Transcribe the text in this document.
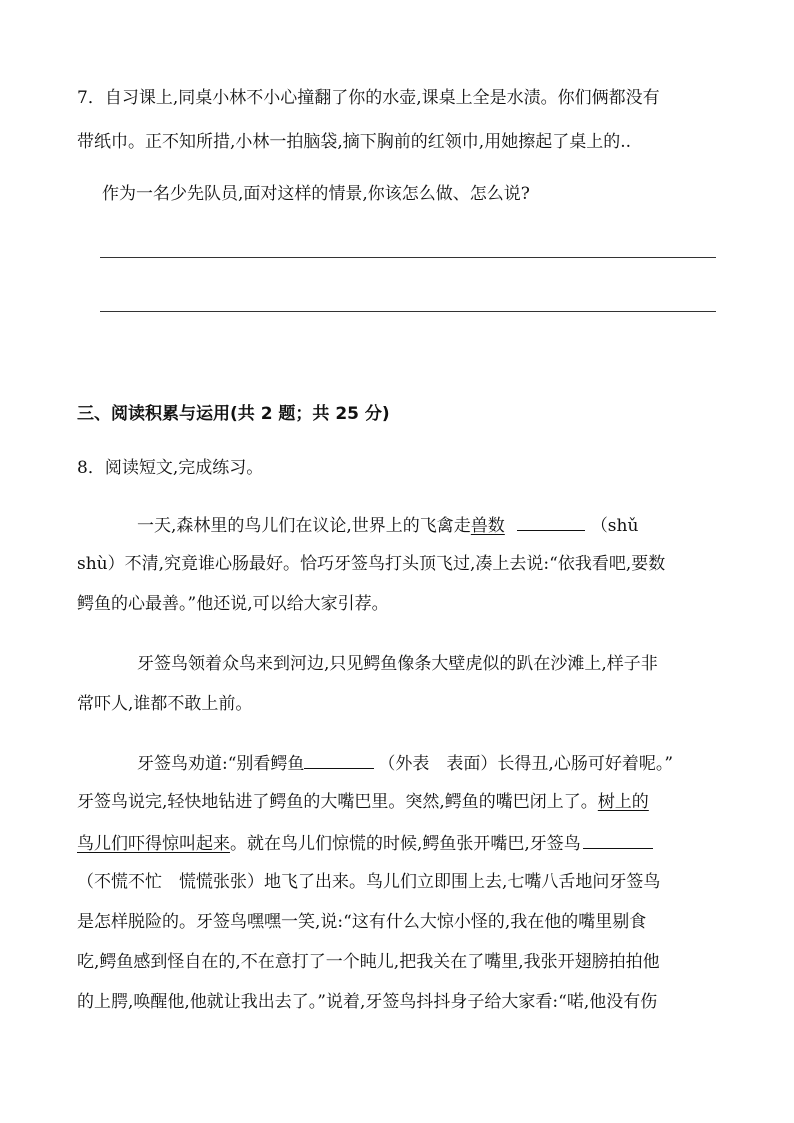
7．自习课上,同桌小林不小心撞翻了你的水壶,课桌上全是水渍。你们俩都没有
带纸巾。正不知所措,小林一拍脑袋,摘下胸前的红领巾,用她擦起了桌上的..
作为一名少先队员,面对这样的情景,你该怎么做、怎么说?
三、阅读积累与运用(共 2 题；共 25 分)
8．阅读短文,完成练习。
一天,森林里的鸟儿们在议论,世界上的飞禽走兽数	（shǔ
shù）不清,究竟谁心肠最好。恰巧牙签鸟打头顶飞过,凑上去说:“依我看吧,要数
鳄鱼的心最善。”他还说,可以给大家引荐。
牙签鸟领着众鸟来到河边,只见鳄鱼像条大壁虎似的趴在沙滩上,样子非
常吓人,谁都不敢上前。
牙签鸟劝道:“别看鳄鱼	（外表　表面）长得丑,心肠可好着呢。”
牙签鸟说完,轻快地钻进了鳄鱼的大嘴巴里。突然,鳄鱼的嘴巴闭上了。树上的
鸟儿们吓得惊叫起来。就在鸟儿们惊慌的时候,鳄鱼张开嘴巴,牙签鸟
（不慌不忙　慌慌张张）地飞了出来。鸟儿们立即围上去,七嘴八舌地问牙签鸟
是怎样脱险的。牙签鸟嘿嘿一笑,说:“这有什么大惊小怪的,我在他的嘴里剔食
吃,鳄鱼感到怪自在的,不在意打了一个盹儿,把我关在了嘴里,我张开翅膀拍拍他
的上腭,唤醒他,他就让我出去了。”说着,牙签鸟抖抖身子给大家看:“喏,他没有伤
